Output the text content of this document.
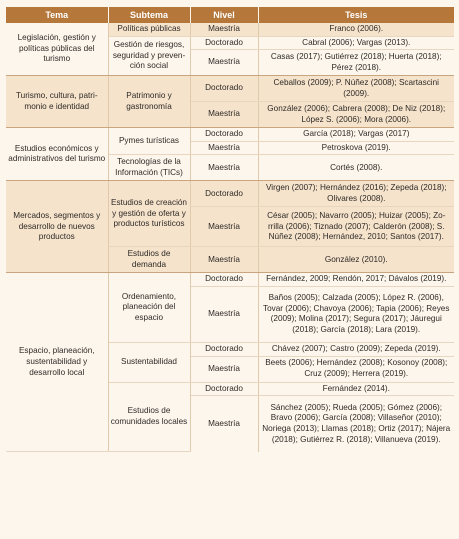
Tema	Subtema	Nivel	Tesis
Legislación, gestión y políticas públicas del turismo	Políticas públicas	Maestría	Franco (2006).
	Gestión de riesgos, seguridad y preven-ción social	Doctorado	Cabral (2006); Vargas (2013).
		Maestría	Casas (2017); Gutiérrez (2018); Huerta (2018); Pérez (2018).
Turismo, cultura, patri-monio e identidad	Patrimonio y gastronomía	Doctorado	Ceballos (2009); P. Núñez (2008); Scartascini (2009).
		Maestría	González (2006); Cabrera (2008); De Niz (2018); López S. (2006); Mora (2006).
Estudios económicos y administrativos del turismo	Pymes turísticas	Doctorado	García (2018); Vargas (2017)
		Maestría	Petroskova (2019).
	Tecnologías de la Información (TICs)	Maestría	Cortés (2008).
Mercados, segmentos y desarrollo de nuevos productos	Estudios de creación y gestión de oferta y productos turísticos	Doctorado	Virgen (2007); Hernández (2016); Zepeda (2018); Olivares (2008).
		Maestría	César (2005); Navarro (2005); Huizar (2005); Zo-rrilla (2006); Tiznado (2007); Calderón (2008); S. Núñez (2008); Hernández, 2010; Santos (2017).
	Estudios de demanda	Maestría	González (2010).
Espacio, planeación, sustentabilidad y desarrollo local	Ordenamiento, planeación del espacio	Doctorado	Fernández, 2009; Rendón, 2017; Dávalos (2019).
		Maestría	Baños (2005); Calzada (2005); López R. (2006), Tovar (2006); Chavoya (2006); Tapia (2006); Reyes (2009); Molina (2017); Segura (2017); Jáuregui (2018); García (2018); Lara (2019).
	Sustentabilidad	Doctorado	Chávez (2007); Castro (2009); Zepeda (2019).
		Maestría	Beets (2006); Hernández (2008); Kosonoy (2008); Cruz (2009); Herrera (2019).
	Estudios de comunidades locales	Doctorado	Fernández (2014).
		Maestría	Sánchez (2005); Rueda (2005); Gómez (2006); Bravo (2006); García (2008); Villaseñor (2010); Noriega (2013); Llamas (2018); Ortiz (2017); Nájera (2018); Gutiérrez R. (2018); Villanueva (2019).
